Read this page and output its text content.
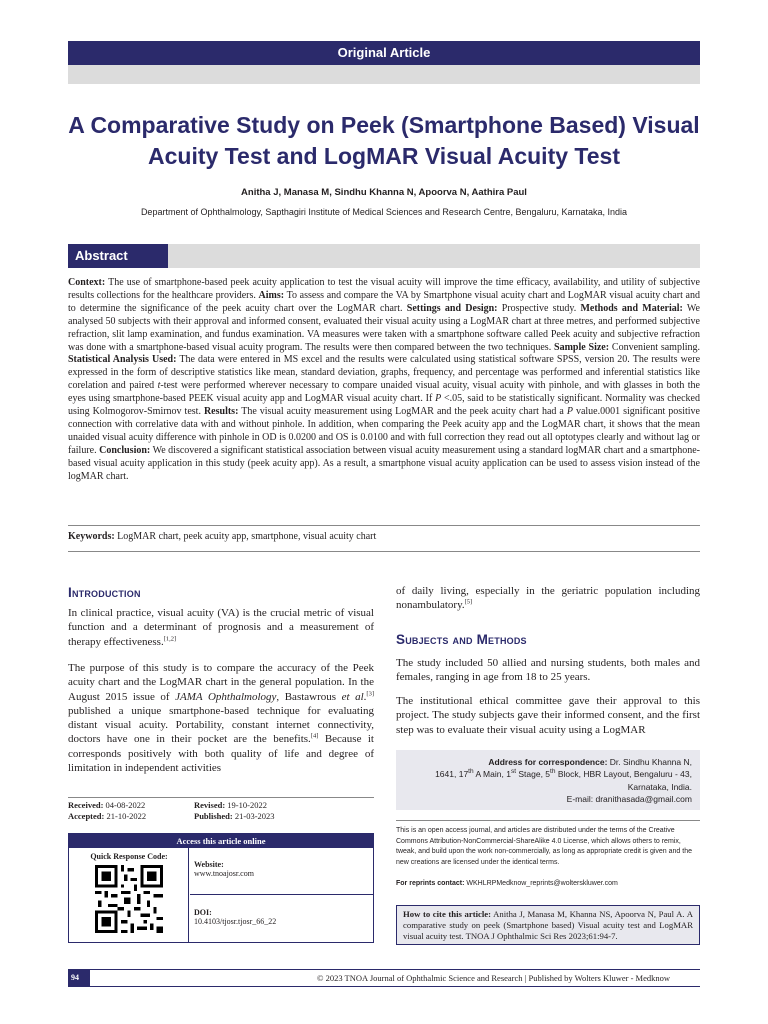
Original Article
A Comparative Study on Peek (Smartphone Based) Visual Acuity Test and LogMAR Visual Acuity Test
Anitha J, Manasa M, Sindhu Khanna N, Apoorva N, Aathira Paul
Department of Ophthalmology, Sapthagiri Institute of Medical Sciences and Research Centre, Bengaluru, Karnataka, India
Abstract
Context: The use of smartphone-based peek acuity application to test the visual acuity will improve the time efficacy, availability, and utility of subjective results collections for the healthcare providers. Aims: To assess and compare the VA by Smartphone visual acuity chart and LogMAR visual acuity chart and to determine the significance of the peek acuity chart over the LogMAR chart. Settings and Design: Prospective study. Methods and Material: We analysed 50 subjects with their approval and informed consent, evaluated their visual acuity using a LogMAR chart at three metres, and performed subjective refraction, slit lamp examination, and fundus examination. VA measures were taken with a smartphone software called Peek acuity and subjective refraction was done with a smartphone-based visual acuity program. The results were then compared between the two techniques. Sample Size: Convenient sampling. Statistical Analysis Used: The data were entered in MS excel and the results were calculated using statistical software SPSS, version 20. The results were expressed in the form of descriptive statistics like mean, standard deviation, graphs, frequency, and percentage was performed and inferential statistics like corelation and paired t-test were performed wherever necessary to compare unaided visual acuity, visual acuity with pinhole, and with glasses in both the eyes using smartphone-based PEEK visual acuity app and LogMAR visual acuity chart. If P <.05, said to be statistically significant. Normality was checked using Kolmogorov-Smirnov test. Results: The visual acuity measurement using LogMAR and the peek acuity chart had a P value.0001 significant positive connection with correlative data with and without pinhole. In addition, when comparing the Peek acuity app and the LogMAR chart, it shows that the mean unaided visual acuity difference with pinhole in OD is 0.0200 and OS is 0.0100 and with full correction they read out all optotypes clearly and without lag or failure. Conclusion: We discovered a significant statistical association between visual acuity measurement using a standard logMAR chart and a smartphone-based visual acuity application in this study (peek acuity app). As a result, a smartphone visual acuity application can be used to assess vision instead of the logMAR chart.
Keywords: LogMAR chart, peek acuity app, smartphone, visual acuity chart
Introduction

In clinical practice, visual acuity (VA) is the crucial metric of visual function and a determinant of prognosis and a measurement of therapy effectiveness.[1,2]

The purpose of this study is to compare the accuracy of the Peek acuity chart and the LogMAR chart in the general population. In the August 2015 issue of JAMA Ophthalmology, Bastawrous et al.[3] published a unique smartphone-based technique for evaluating distant visual acuity. Portability, constant internet connectivity, doctors have one in their pocket are the benefits.[4] Because it corresponds positively with both quality of life and degree of limitation in independent activities

of daily living, especially in the geriatric population including nonambulatory.[5]

Subjects and Methods

The study included 50 allied and nursing students, both males and females, ranging in age from 18 to 25 years.

The institutional ethical committee gave their approval to this project. The study subjects gave their informed consent, and the first step was to evaluate their visual acuity using a LogMAR

Received: 04-08-2022	Revised: 19-10-2022
Accepted: 21-10-2022	Published: 21-03-2023
Access this article online
Quick Response Code:
Website:
www.tnoajosr.com
DOI:
10.4103/tjosr.tjosr_66_22
Address for correspondence: Dr. Sindhu Khanna N,
1641, 17th A Main, 1st Stage, 5th Block, HBR Layout, Bengaluru - 43,
Karnataka, India.
E-mail: dranithasada@gmail.com
This is an open access journal, and articles are distributed under the terms of the Creative Commons Attribution-NonCommercial-ShareAlike 4.0 License, which allows others to remix, tweak, and build upon the work non-commercially, as long as appropriate credit is given and the new creations are licensed under the identical terms.
For reprints contact: WKHLRPMedknow_reprints@wolterskluwer.com
How to cite this article: Anitha J, Manasa M, Khanna NS, Apoorva N, Paul A. A comparative study on peek (Smartphone based) Visual acuity test and LogMAR visual acuity test. TNOA J Ophthalmic Sci Res 2023;61:94-7.
94	© 2023 TNOA Journal of Ophthalmic Science and Research | Published by Wolters Kluwer - Medknow
